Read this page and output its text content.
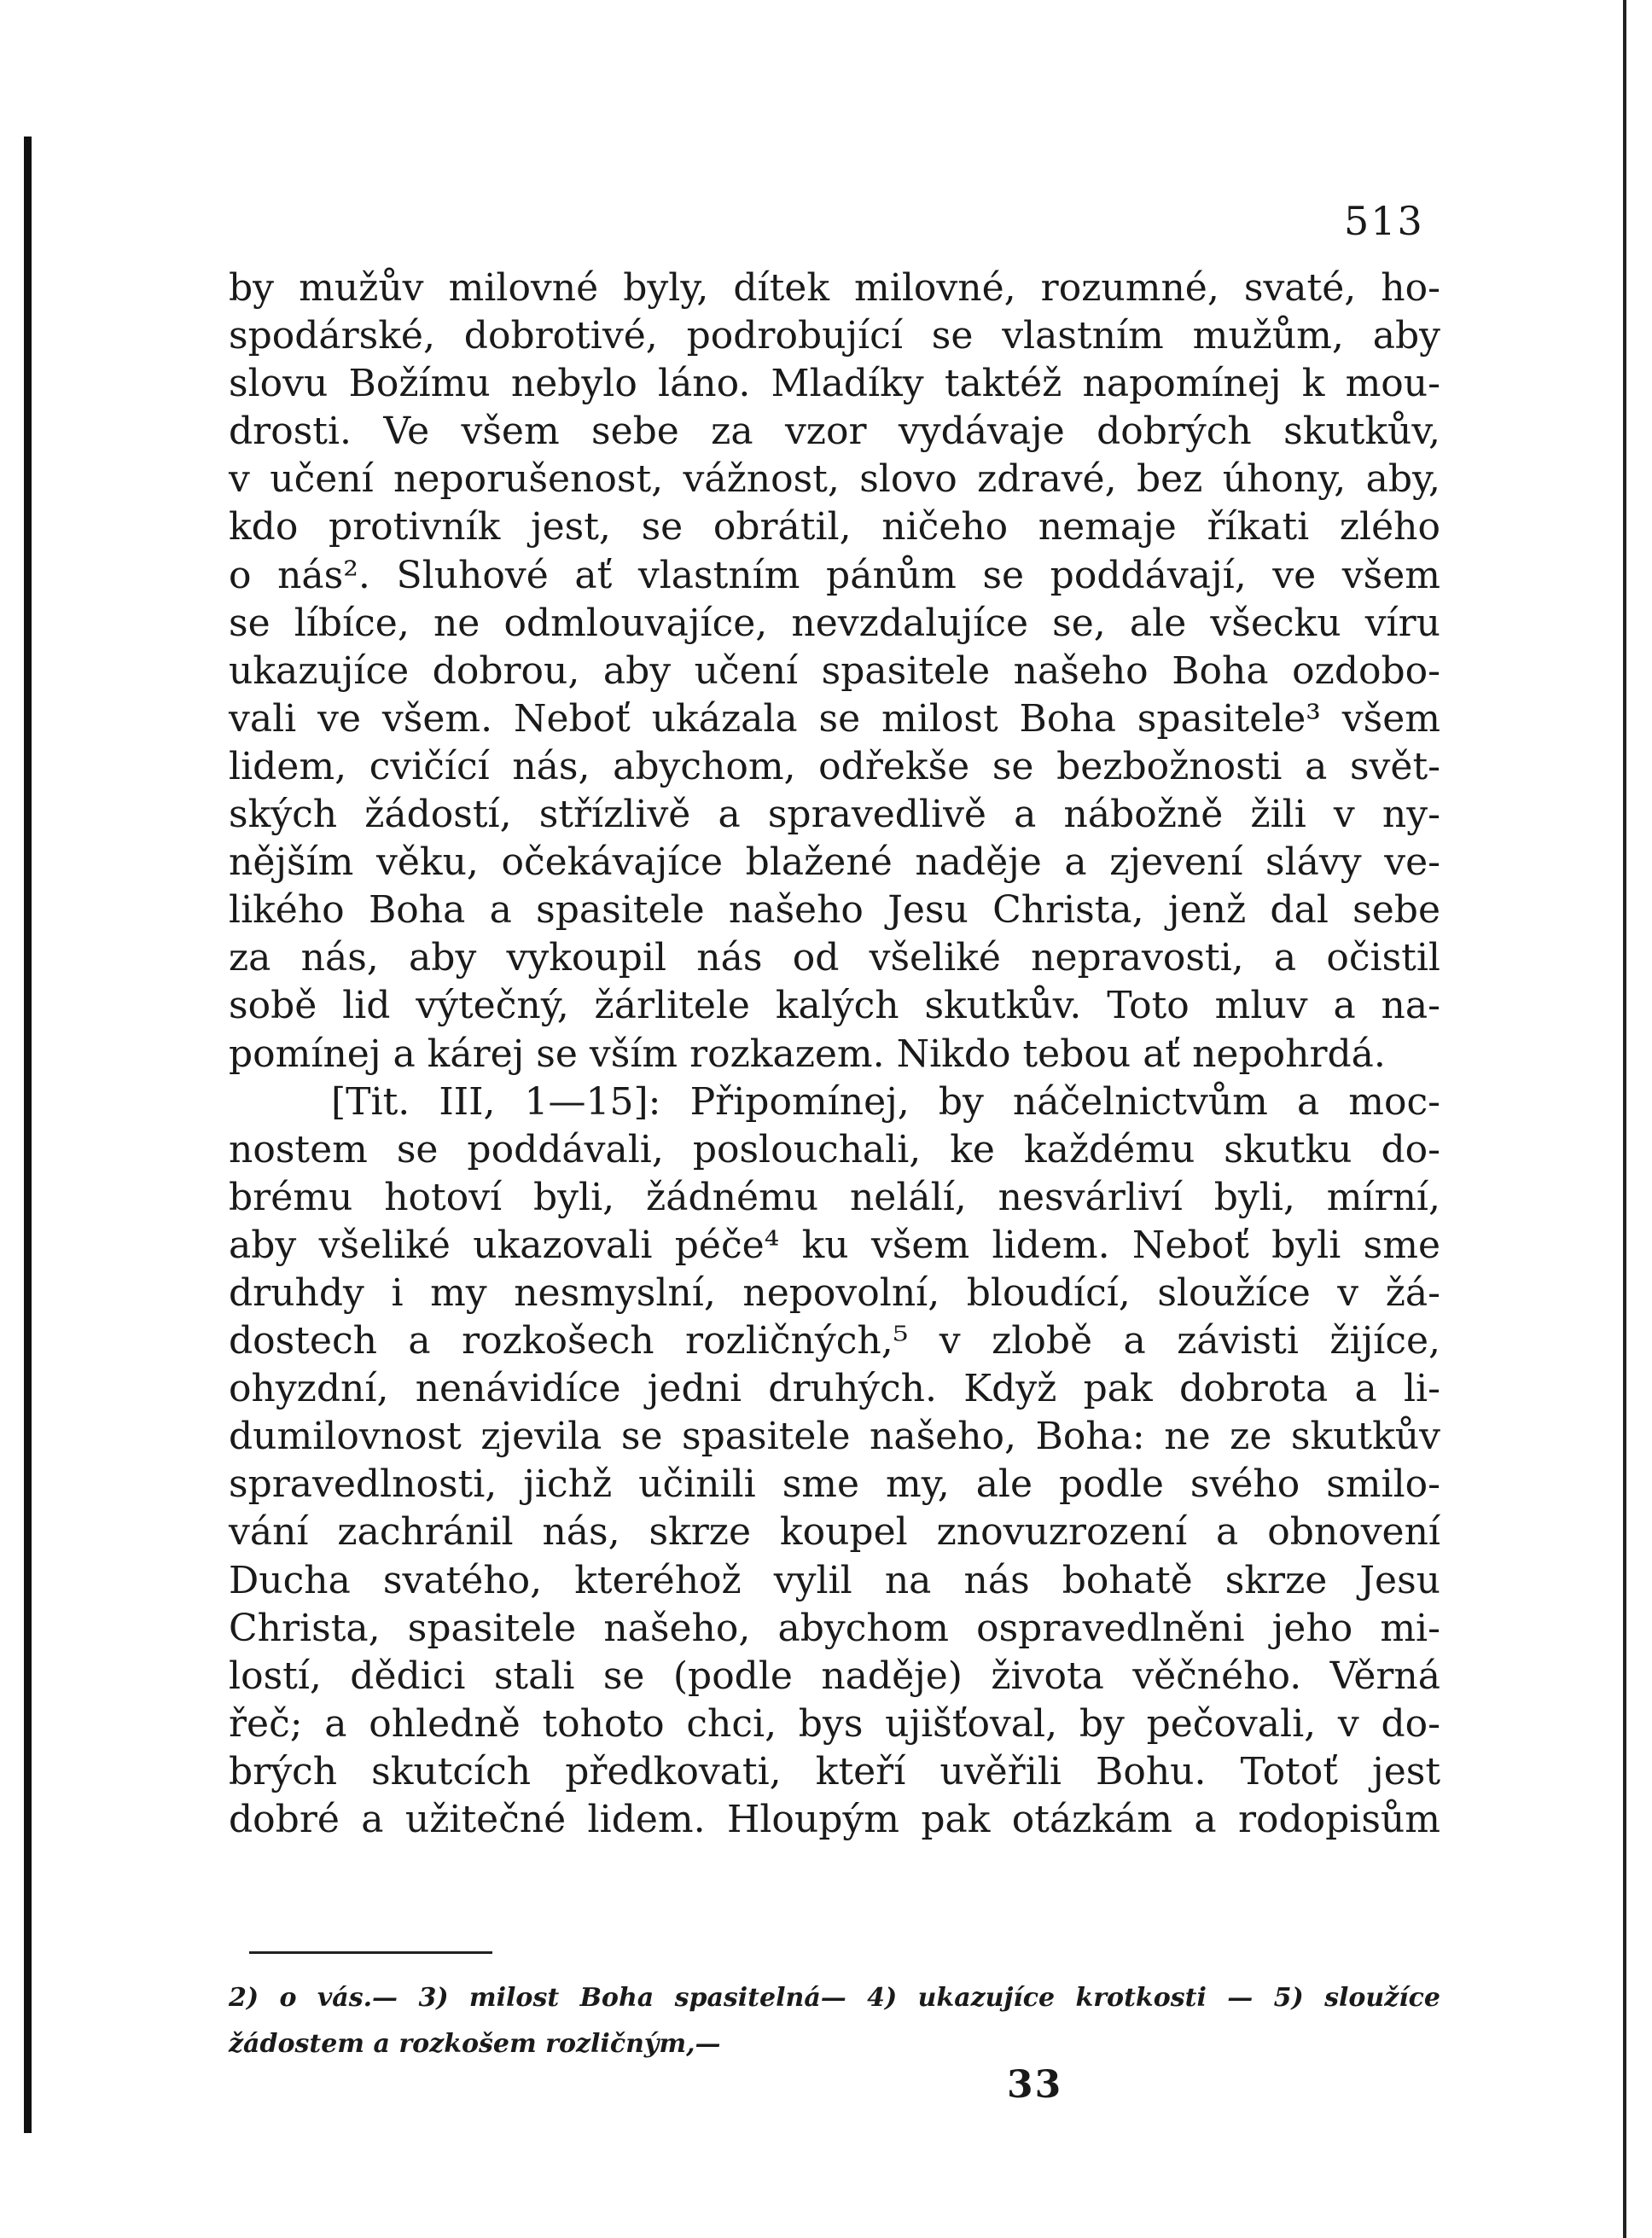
513
by mužův milovné byly, dítek milovné, rozumné, svaté, ho-
spodárské, dobrotivé, podrobující se vlastním mužům, aby
slovu Božímu nebylo láno. Mladíky taktéž napomínej k mou-
drosti. Ve všem sebe za vzor vydávaje dobrých skutkův,
v učení neporušenost, vážnost, slovo zdravé, bez úhony, aby,
kdo protivník jest, se obrátil, ničeho nemaje říkati zlého
o nás². Sluhové ať vlastním pánům se poddávají, ve všem
se líbíce, ne odmlouvajíce, nevzdalujíce se, ale všecku víru
ukazujíce dobrou, aby učení spasitele našeho Boha ozdobo-
vali ve všem. Neboť ukázala se milost Boha spasitele³ všem
lidem, cvičící nás, abychom, odřekše se bezbožnosti a svět-
ských žádostí, střízlivě a spravedlivě a nábožně žili v ny-
nějším věku, očekávajíce blažené naděje a zjevení slávy ve-
likého Boha a spasitele našeho Jesu Christa, jenž dal sebe
za nás, aby vykoupil nás od všeliké nepravosti, a očistil
sobě lid výtečný, žárlitele kalých skutkův. Toto mluv a na-
pomínej a kárej se vším rozkazem. Nikdo tebou ať nepohrdá.
[Tit. III, 1—15]: Připomínej, by náčelnictvům a moc-
nostem se poddávali, poslouchali, ke každému skutku do-
brému hotoví byli, žádnému nelálí, nesvárliví byli, mírní,
aby všeliké ukazovali péče⁴ ku všem lidem. Neboť byli sme
druhdy i my nesmyslní, nepovolní, bloudící, sloužíce v žá-
dostech a rozkošech rozličných,⁵ v zlobě a závisti žijíce,
ohyzdní, nenávidíce jedni druhých. Když pak dobrota a li-
dumilovnost zjevila se spasitele našeho, Boha: ne ze skutkův
spravedlnosti, jichž učinili sme my, ale podle svého smilo-
vání zachránil nás, skrze koupel znovuzrození a obnovení
Ducha svatého, kteréhož vylil na nás bohatě skrze Jesu
Christa, spasitele našeho, abychom ospravedlněni jeho mi-
lostí, dědici stali se (podle naděje) života věčného. Věrná
řeč; a ohledně tohoto chci, bys ujišťoval, by pečovali, v do-
brých skutcích předkovati, kteří uvěřili Bohu. Totoť jest
dobré a užitečné lidem. Hloupým pak otázkám a rodopisům
2) o vás.— 3) milost Boha spasitelná— 4) ukazujíce krotkosti — 5) sloužíce
žádostem a rozkošem rozličným,—
33
